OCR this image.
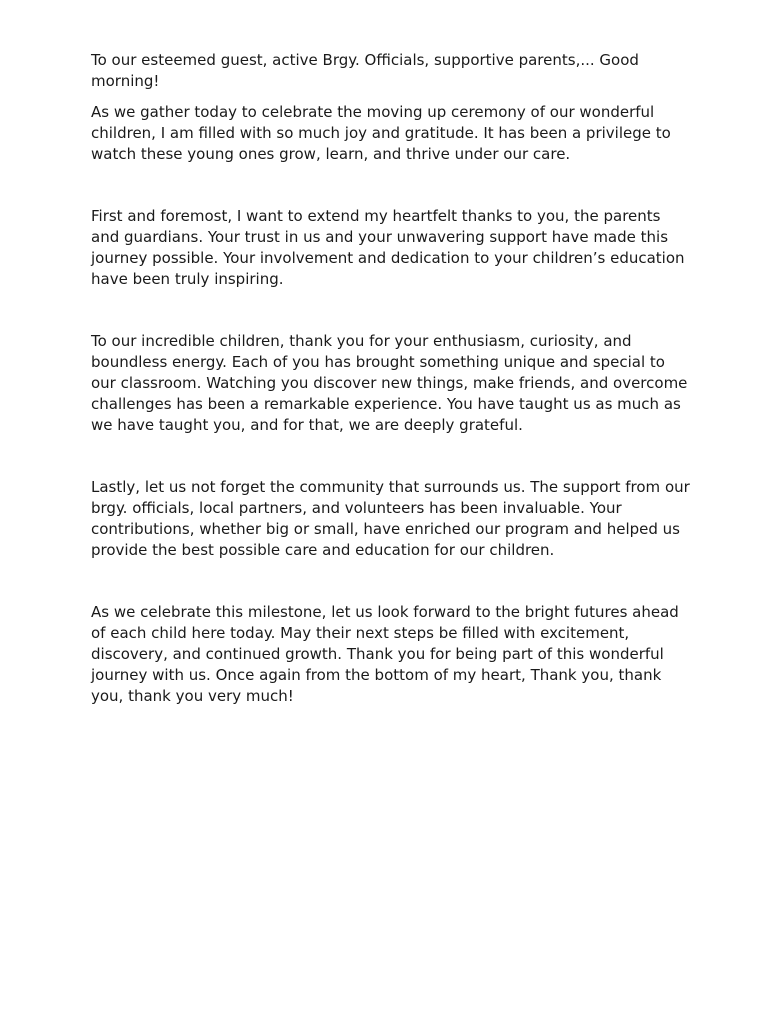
To our esteemed guest, active Brgy. Officials, supportive parents,... Good morning!

As we gather today to celebrate the moving up ceremony of our wonderful children, I am filled with so much joy and gratitude. It has been a privilege to watch these young ones grow, learn, and thrive under our care.

First and foremost, I want to extend my heartfelt thanks to you, the parents and guardians. Your trust in us and your unwavering support have made this journey possible. Your involvement and dedication to your children’s education have been truly inspiring.

To our incredible children, thank you for your enthusiasm, curiosity, and boundless energy. Each of you has brought something unique and special to our classroom. Watching you discover new things, make friends, and overcome challenges has been a remarkable experience. You have taught us as much as we have taught you, and for that, we are deeply grateful.

Lastly, let us not forget the community that surrounds us. The support from our brgy. officials, local partners, and volunteers has been invaluable. Your contributions, whether big or small, have enriched our program and helped us provide the best possible care and education for our children.

As we celebrate this milestone, let us look forward to the bright futures ahead of each child here today. May their next steps be filled with excitement, discovery, and continued growth. Thank you for being part of this wonderful journey with us. Once again from the bottom of my heart, Thank you, thank you, thank you very much!
